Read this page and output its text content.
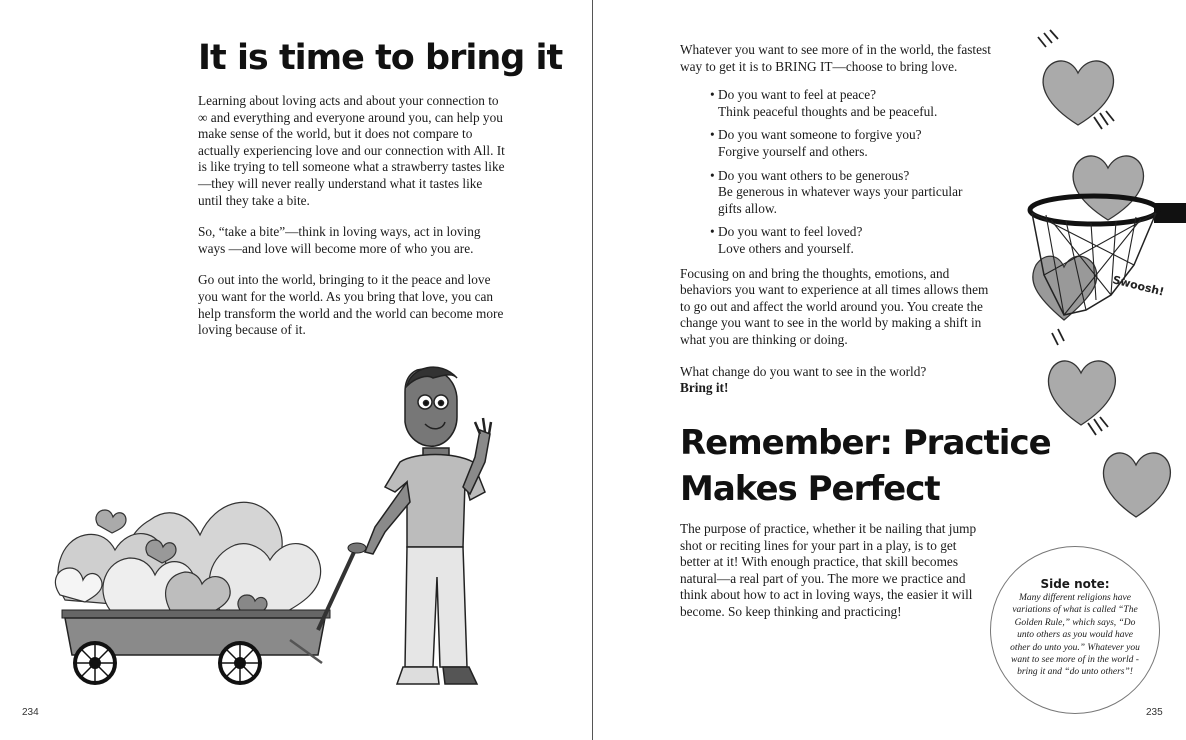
It is time to bring it

Learning about loving acts and about your connection to ∞ and everything and everyone around you, can help you make sense of the world, but it does not compare to actually experiencing love and our connection with All. It is like trying to tell someone what a strawberry tastes like—they will never really understand what it tastes like until they take a bite.

So, “take a bite”—think in loving ways, act in loving ways —and love will become more of who you are.

Go out into the world, bringing to it the peace and love you want for the world. As you bring that love, you can help transform the world and the world can become more loving because of it.

234

Whatever you want to see more of in the world, the fastest way to get it is to BRING IT—choose to bring love.

• Do you want to feel at peace?
Think peaceful thoughts and be peaceful.
• Do you want someone to forgive you?
Forgive yourself and others.
• Do you want others to be generous?
Be generous in whatever ways your particular gifts allow.
• Do you want to feel loved?
Love others and yourself.

Focusing on and bring the thoughts, emotions, and behaviors you want to experience at all times allows them to go out and affect the world around you. You create the change you want to see in the world by making a shift in what you are thinking or doing.

What change do you want to see in the world?
Bring it!

Remember: Practice
Makes Perfect

The purpose of practice, whether it be nailing that jump shot or reciting lines for your part in a play, is to get better at it! With enough practice, that skill becomes natural—a real part of you. The more we practice and think about how to act in loving ways, the easier it will become. So keep thinking and practicing!

235
Swoosh!
Side note:
Many different religions have variations of what is called “The Golden Rule,” which says, “Do unto others as you would have other do unto you.” Whatever you want to see more of in the world - bring it and “do unto others”!
